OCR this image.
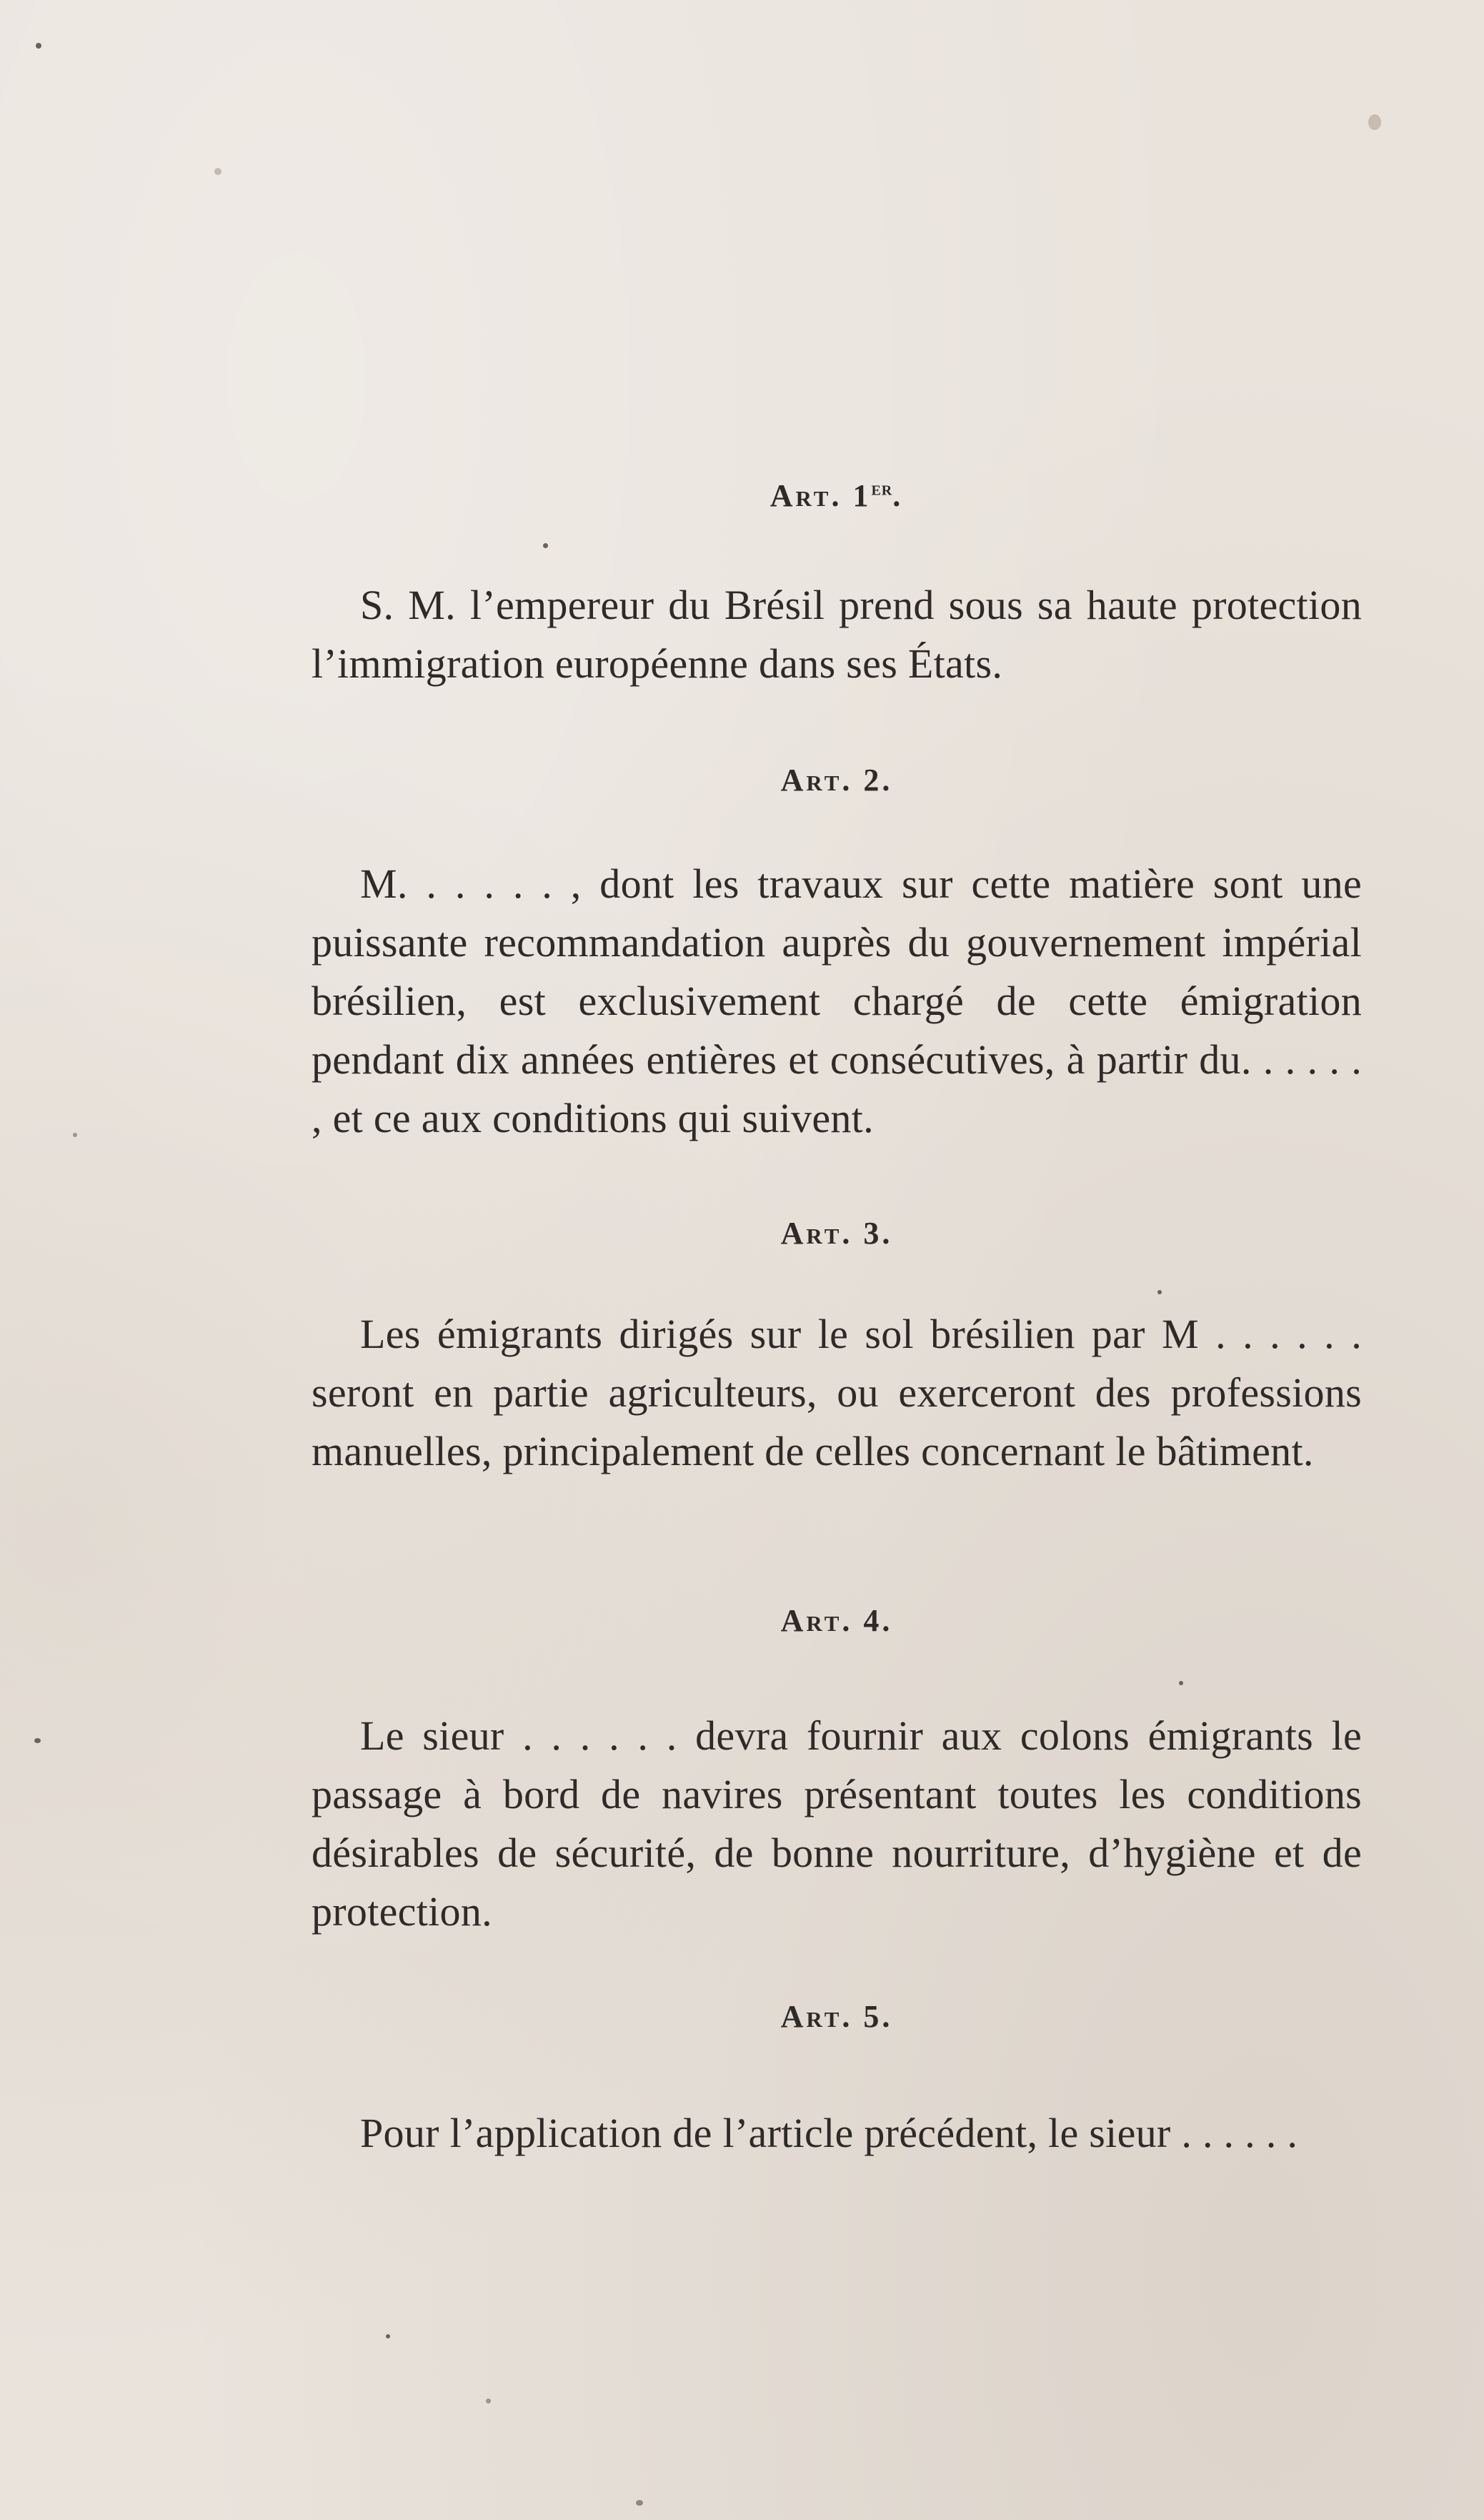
Art. 1er.

S. M. l’empereur du Brésil prend sous sa haute protection l’immigration européenne dans ses États.

Art. 2.

M. . . . . . , dont les travaux sur cette matière sont une puissante recommandation auprès du gouvernement impérial brésilien, est exclusivement chargé de cette émigration pendant dix années entières et consécutives, à partir du. . . . . . , et ce aux conditions qui suivent.

Art. 3.

Les émigrants dirigés sur le sol brésilien par M . . . . . . seront en partie agriculteurs, ou exerceront des professions manuelles, principalement de celles concernant le bâtiment.

Art. 4.

Le sieur . . . . . . devra fournir aux colons émigrants le passage à bord de navires présentant toutes les conditions désirables de sécurité, de bonne nourriture, d’hygiène et de protection.

Art. 5.

Pour l’application de l’article précédent, le sieur . . . . . .
